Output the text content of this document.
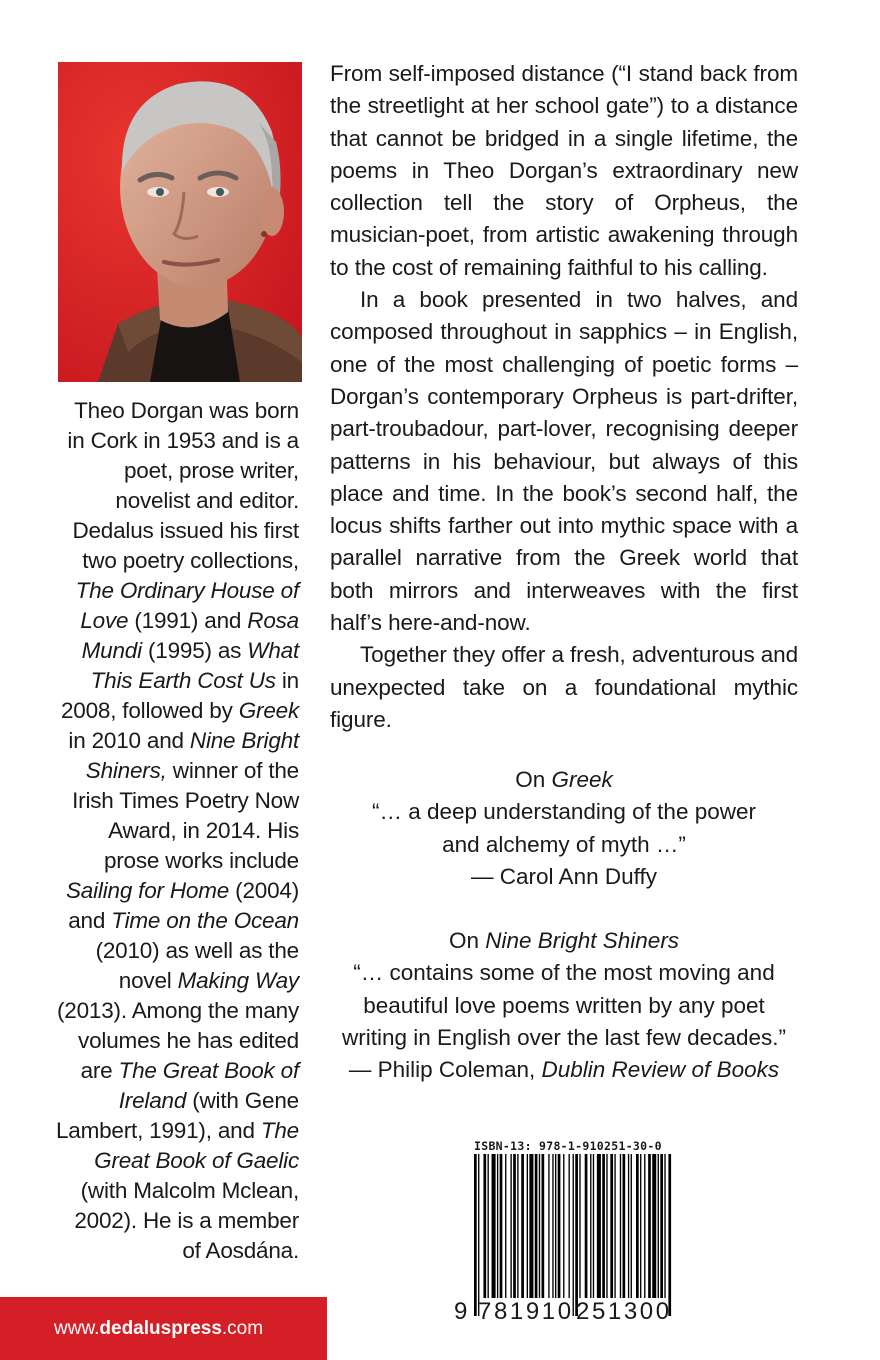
Theo Dorgan was born in Cork in 1953 and is a poet, prose writer, novelist and editor. Dedalus issued his first two poetry collections, The Ordinary House of Love (1991) and Rosa Mundi (1995) as What This Earth Cost Us in 2008, followed by Greek in 2010 and Nine Bright Shiners, winner of the Irish Times Poetry Now Award, in 2014. His prose works include Sailing for Home (2004) and Time on the Ocean (2010) as well as the novel Making Way (2013). Among the many volumes he has edited are The Great Book of Ireland (with Gene Lambert, 1991), and The Great Book of Gaelic (with Malcolm Mclean, 2002). He is a member of Aosdána.

From self-imposed distance (“I stand back from the streetlight at her school gate”) to a distance that cannot be bridged in a single lifetime, the poems in Theo Dorgan’s extraordinary new collection tell the story of Orpheus, the musician-poet, from artistic awakening through to the cost of remaining faithful to his calling.

In a book presented in two halves, and composed throughout in sapphics – in English, one of the most challenging of poetic forms – Dorgan’s contemporary Orpheus is part-drifter, part-troubadour, part-lover, recognising deeper patterns in his behaviour, but always of this place and time. In the book’s second half, the locus shifts farther out into mythic space with a parallel narrative from the Greek world that both mirrors and interweaves with the first half’s here-and-now.

Together they offer a fresh, adventurous and unexpected take on a foundational mythic figure.

On Greek
“… a deep understanding of the power
and alchemy of myth …”
— Carol Ann Duffy
On Nine Bright Shiners
“… contains some of the most moving and
beautiful love poems written by any poet
writing in English over the last few decades.”
— Philip Coleman, Dublin Review of Books
ISBN-13: 978-1-910251-30-0
9 781910 251300
www.dedaluspress.com
